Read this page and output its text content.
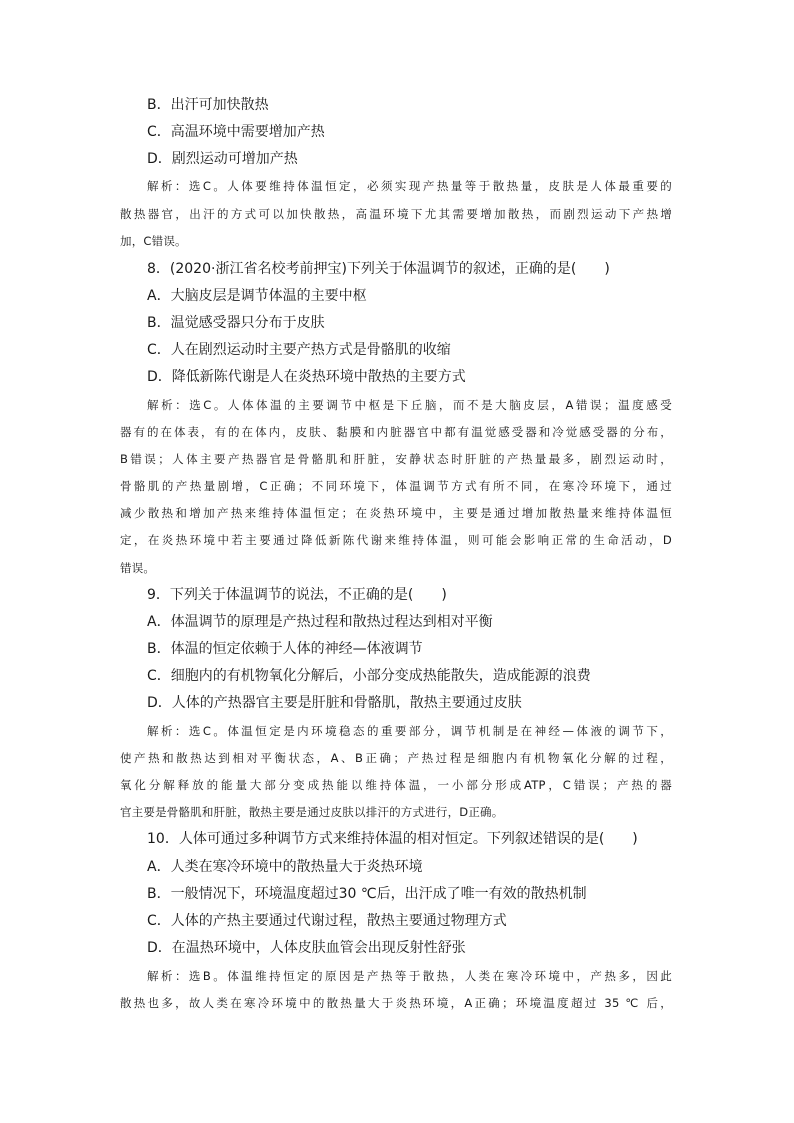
B．出汗可加快散热
C．高温环境中需要增加产热
D．剧烈运动可增加产热
解析：选C。人体要维持体温恒定，必须实现产热量等于散热量，皮肤是人体最重要的
散热器官，出汗的方式可以加快散热，高温环境下尤其需要增加散热，而剧烈运动下产热增
加，C错误。
8．(2020·浙江省名校考前押宝)下列关于体温调节的叙述，正确的是(　　)
A．大脑皮层是调节体温的主要中枢
B．温觉感受器只分布于皮肤
C．人在剧烈运动时主要产热方式是骨骼肌的收缩
D．降低新陈代谢是人在炎热环境中散热的主要方式
解析：选C。人体体温的主要调节中枢是下丘脑，而不是大脑皮层，A错误；温度感受
器有的在体表，有的在体内，皮肤、黏膜和内脏器官中都有温觉感受器和冷觉感受器的分布，
B错误；人体主要产热器官是骨骼肌和肝脏，安静状态时肝脏的产热量最多，剧烈运动时，
骨骼肌的产热量剧增，C正确；不同环境下，体温调节方式有所不同，在寒冷环境下，通过
减少散热和增加产热来维持体温恒定；在炎热环境中，主要是通过增加散热量来维持体温恒
定，在炎热环境中若主要通过降低新陈代谢来维持体温，则可能会影响正常的生命活动，D
错误。
9．下列关于体温调节的说法，不正确的是(　　)
A．体温调节的原理是产热过程和散热过程达到相对平衡
B．体温的恒定依赖于人体的神经—体液调节
C．细胞内的有机物氧化分解后，小部分变成热能散失，造成能源的浪费
D．人体的产热器官主要是肝脏和骨骼肌，散热主要通过皮肤
解析：选C。体温恒定是内环境稳态的重要部分，调节机制是在神经—体液的调节下，
使产热和散热达到相对平衡状态，A、B正确；产热过程是细胞内有机物氧化分解的过程，
氧化分解释放的能量大部分变成热能以维持体温，一小部分形成ATP，C错误；产热的器
官主要是骨骼肌和肝脏，散热主要是通过皮肤以排汗的方式进行，D正确。
10．人体可通过多种调节方式来维持体温的相对恒定。下列叙述错误的是(　　)
A．人类在寒冷环境中的散热量大于炎热环境
B．一般情况下，环境温度超过30 ℃后，出汗成了唯一有效的散热机制
C．人体的产热主要通过代谢过程，散热主要通过物理方式
D．在温热环境中，人体皮肤血管会出现反射性舒张
解析：选B。体温维持恒定的原因是产热等于散热，人类在寒冷环境中，产热多，因此
散热也多，故人类在寒冷环境中的散热量大于炎热环境，A正确；环境温度超过 35 ℃ 后，
